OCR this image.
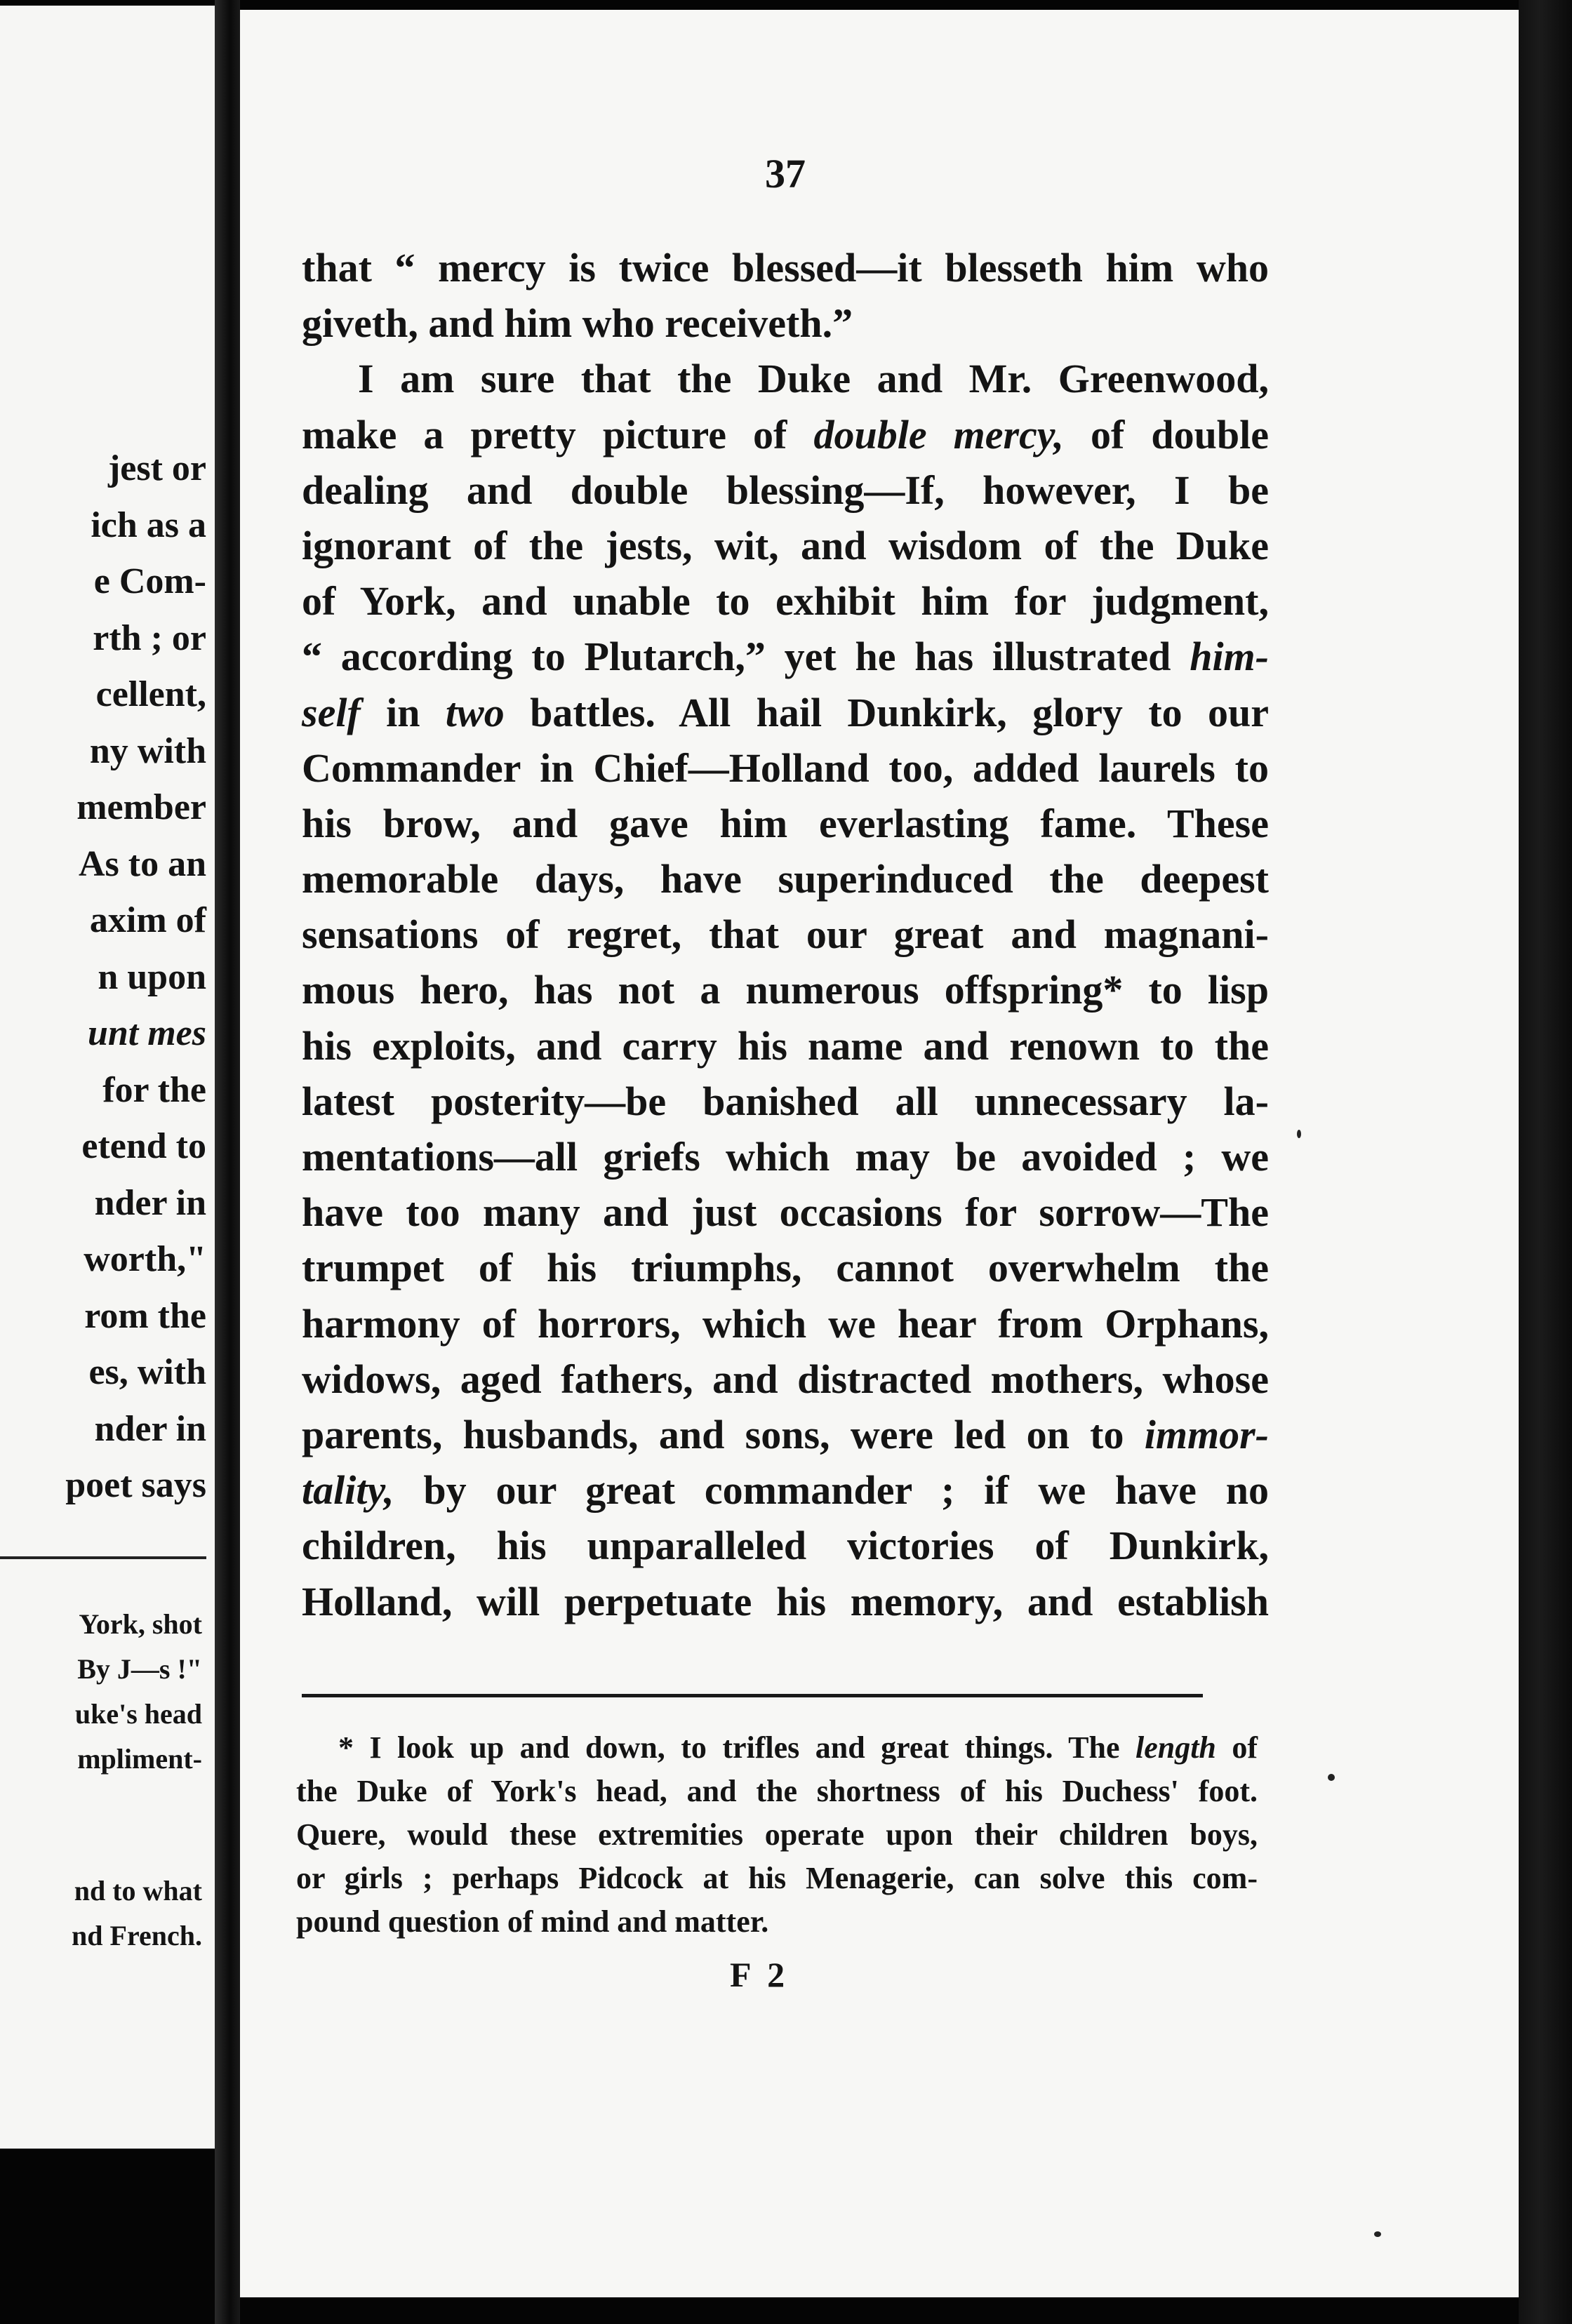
jest or
ich as a
e Com-
rth ; or
cellent,
ny with
member
As to an
axim of
n upon
unt mes
for the
etend to
nder in
worth,"
rom the
es, with
nder in
poet says
York, shot
By J—s !"
uke's head
mpliment-
nd to what
nd French.
37
that “ mercy is twice blessed—it blesseth him who
giveth, and him who receiveth.”
I am sure that the Duke and Mr. Greenwood,
make a pretty picture of double mercy, of double
dealing and double blessing—If, however, I be
ignorant of the jests, wit, and wisdom of the Duke
of York, and unable to exhibit him for judgment,
“ according to Plutarch,” yet he has illustrated him-
self in two battles. All hail Dunkirk, glory to our
Commander in Chief—Holland too, added laurels to
his brow, and gave him everlasting fame. These
memorable days, have superinduced the deepest
sensations of regret, that our great and magnani-
mous hero, has not a numerous offspring* to lisp
his exploits, and carry his name and renown to the
latest posterity—be banished all unnecessary la-
mentations—all griefs which may be avoided ; we
have too many and just occasions for sorrow—The
trumpet of his triumphs, cannot overwhelm the
harmony of horrors, which we hear from Orphans,
widows, aged fathers, and distracted mothers, whose
parents, husbands, and sons, were led on to immor-
tality, by our great commander ; if we have no
children, his unparalleled victories of Dunkirk,
Holland, will perpetuate his memory, and establish
* I look up and down, to trifles and great things. The length of
the Duke of York's head, and the shortness of his Duchess' foot.
Quere, would these extremities operate upon their children boys,
or girls ; perhaps Pidcock at his Menagerie, can solve this com-
pound question of mind and matter.
F 2
